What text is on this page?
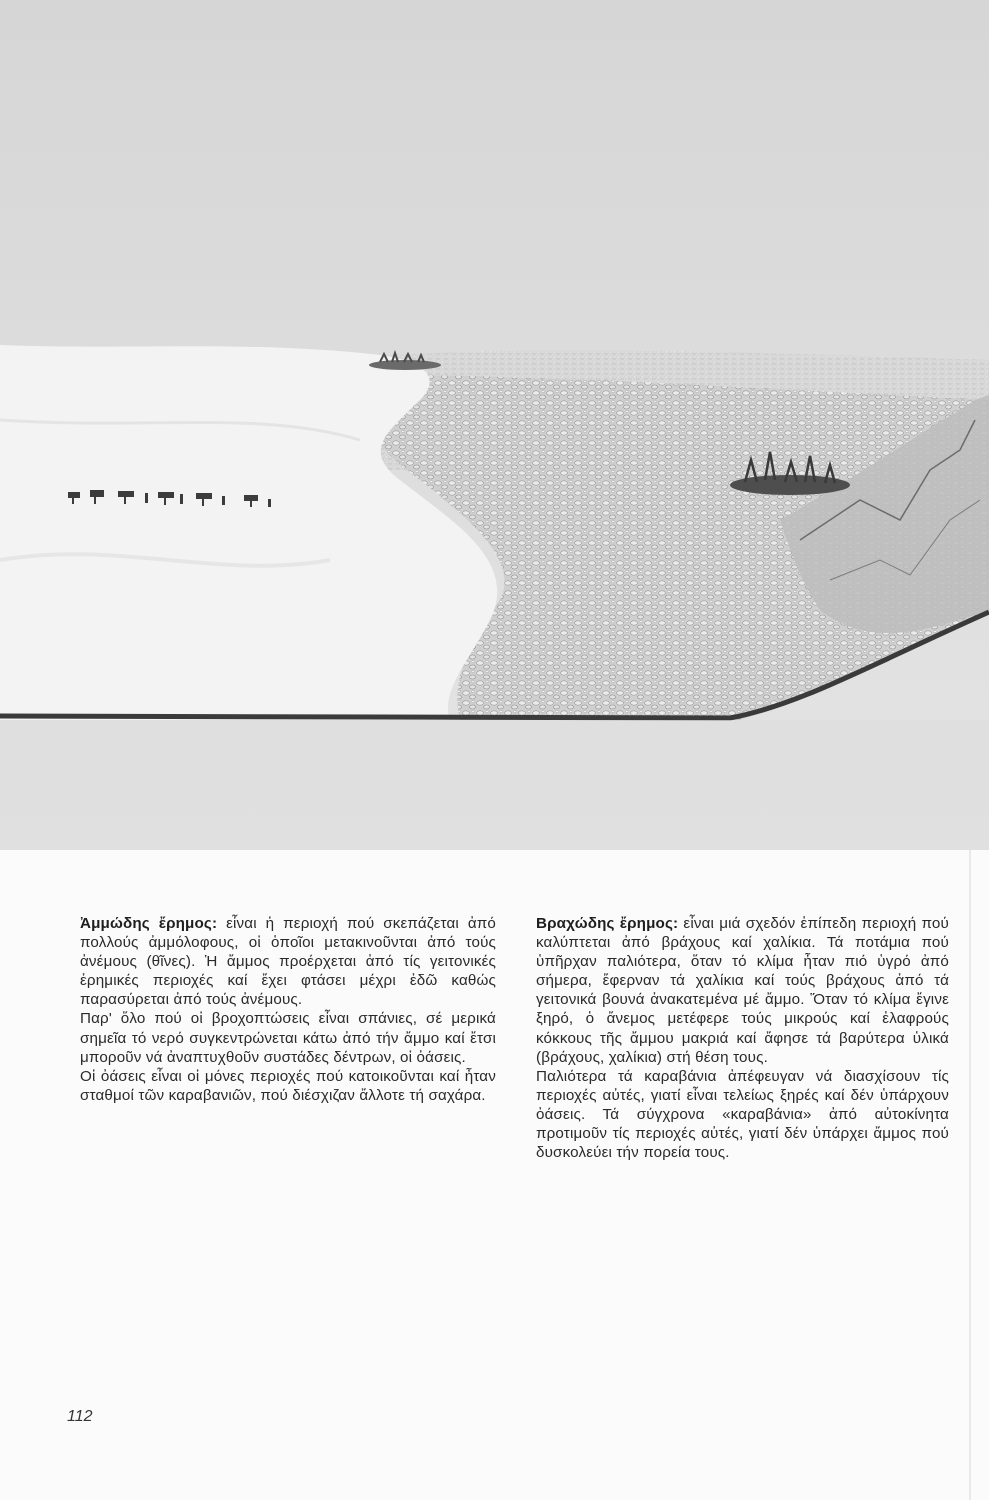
Ἀμμώδης ἔρημος: εἶναι ἡ περιοχή πού σκεπάζεται ἀπό πολλούς ἀμμόλοφους, οἱ ὁποῖοι μετακινοῦνται ἀπό τούς ἀνέμους (θῖνες). Ἡ ἄμμος προέρχεται ἀπό τίς γειτονικές ἐρημικές περιοχές καί ἔχει φτάσει μέχρι ἐδῶ καθώς παρασύρεται ἀπό τούς ἀνέμους.

Παρ' ὅλο πού οἱ βροχοπτώσεις εἶναι σπάνιες, σέ μερικά σημεῖα τό νερό συγκεντρώνεται κάτω ἀπό τήν ἄμμο καί ἔτσι μποροῦν νά ἀναπτυχθοῦν συστάδες δέντρων, οἱ ὀάσεις.

Οἱ ὀάσεις εἶναι οἱ μόνες περιοχές πού κατοικοῦνται καί ἦταν σταθμοί τῶν καραβανιῶν, πού διέσχιζαν ἄλλοτε τή σαχάρα.

Βραχώδης ἔρημος: εἶναι μιά σχεδόν ἐπίπεδη περιοχή πού καλύπτεται ἀπό βράχους καί χαλίκια. Τά ποτάμια πού ὑπῆρχαν παλιότερα, ὅταν τό κλίμα ἦταν πιό ὑγρό ἀπό σήμερα, ἔφερναν τά χαλίκια καί τούς βράχους ἀπό τά γειτονικά βουνά ἀνακατεμένα μέ ἄμμο. Ὅταν τό κλίμα ἔγινε ξηρό, ὁ ἄνεμος μετέφερε τούς μικρούς καί ἐλαφρούς κόκκους τῆς ἄμμου μακριά καί ἄφησε τά βαρύτερα ὑλικά (βράχους, χαλίκια) στή θέση τους.

Παλιότερα τά καραβάνια ἀπέφευγαν νά διασχίσουν τίς περιοχές αὐτές, γιατί εἶναι τελείως ξηρές καί δέν ὑπάρχουν ὀάσεις. Τά σύγχρονα «καραβάνια» ἀπό αὐτοκίνητα προτιμοῦν τίς περιοχές αὐτές, γιατί δέν ὑπάρχει ἄμμος πού δυσκολεύει τήν πορεία τους.

112
